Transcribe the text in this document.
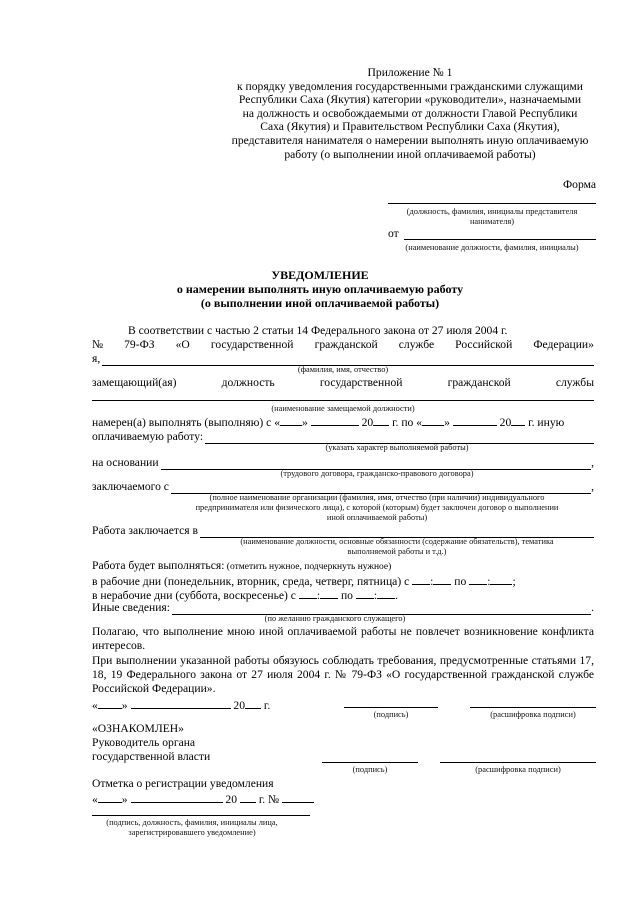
Приложение № 1
к порядку уведомления государственными гражданскими служащими
Республики Саха (Якутия) категории «руководители», назначаемыми
на должность и освобождаемыми от должности Главой Республики
Саха (Якутия) и Правительством Республики Саха (Якутия),
представителя нанимателя о намерении выполнять иную оплачиваемую
работу (о выполнении иной оплачиваемой работы)
Форма
(должность, фамилия, инициалы представителя
нанимателя)
от
(наименование должности, фамилия, инициалы)
УВЕДОМЛЕНИЕ
о намерении выполнять иную оплачиваемую работу
(о выполнении иной оплачиваемой работы)
В соответствии с частью 2 статьи 14 Федерального закона от 27 июля 2004 г.
№ 79-ФЗ «О государственной гражданской службе Российской Федерации»
я,
(фамилия, имя, отчество)
замещающий(ая)	должность	государственной	гражданской	службы
(наименование замещаемой должности)
намерен(а) выполнять (выполняю) с « »	20 г. по « »	20 г. иную
оплачиваемую работу:
(указать характер выполняемой работы)
на основании	,
(трудового договора, гражданско-правового договора)
заключаемого с	,
(полное наименование организации (фамилия, имя, отчество (при наличии) индивидуального
предпринимателя или физического лица), с которой (которым) будет заключен договор о выполнении
иной оплачиваемой работы)
Работа заключается в
(наименование должности, основные обязанности (содержание обязательств), тематика
выполняемой работы и т.д.)
Работа будет выполняться: (отметить нужное, подчеркнуть нужное)
в рабочие дни (понедельник, вторник, среда, четверг, пятница) с : по : ;
в нерабочие дни (суббота, воскресенье) с : по : .
Иные сведения:	.
(по желанию гражданского служащего)
Полагаю, что выполнение мною иной оплачиваемой работы не повлечет возникновение конфликта интересов.
При выполнении указанной работы обязуюсь соблюдать требования, предусмотренные статьями 17, 18, 19 Федерального закона от 27 июля 2004 г. № 79-ФЗ «О государственной гражданской службе Российской Федерации».
« »	20 г.
(подпись)	(расшифровка подписи)
«ОЗНАКОМЛЕН»
Руководитель органа
государственной власти
(подпись)	(расшифровка подписи)
Отметка о регистрации уведомления
« »	20 г. №
(подпись, должность, фамилия, инициалы лица,
зарегистрировавшего уведомление)
